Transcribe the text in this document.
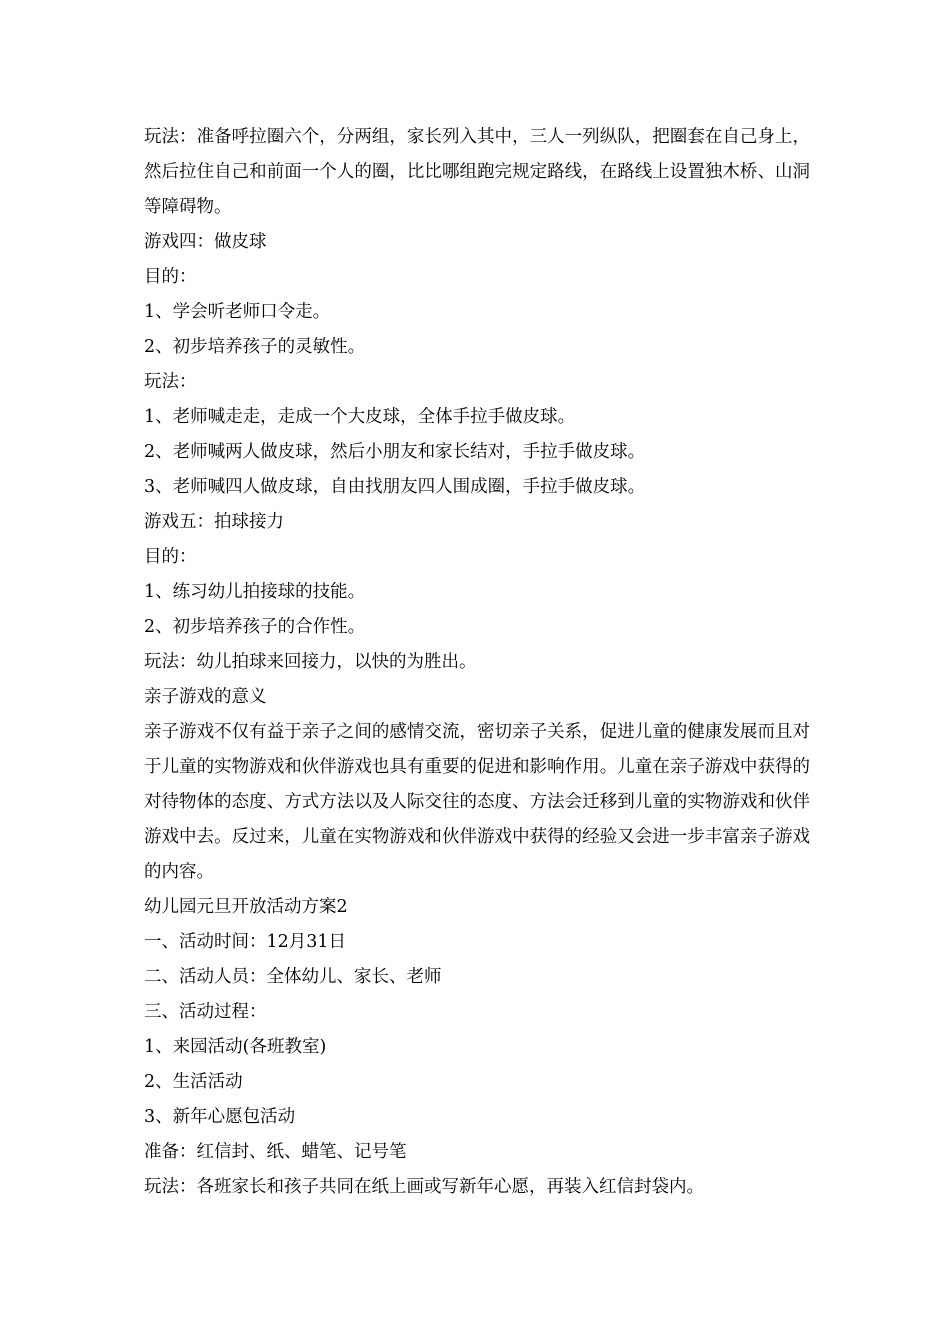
玩法：准备呼拉圈六个，分两组，家长列入其中，三人一列纵队，把圈套在自己身上，然后拉住自己和前面一个人的圈，比比哪组跑完规定路线，在路线上设置独木桥、山洞等障碍物。

游戏四：做皮球

目的：

1、学会听老师口令走。

2、初步培养孩子的灵敏性。

玩法：

1、老师喊走走，走成一个大皮球，全体手拉手做皮球。

2、老师喊两人做皮球，然后小朋友和家长结对，手拉手做皮球。

3、老师喊四人做皮球，自由找朋友四人围成圈，手拉手做皮球。

游戏五：拍球接力

目的：

1、练习幼儿拍接球的技能。

2、初步培养孩子的合作性。

玩法：幼儿拍球来回接力，以快的为胜出。

亲子游戏的意义

亲子游戏不仅有益于亲子之间的感情交流，密切亲子关系，促进儿童的健康发展而且对于儿童的实物游戏和伙伴游戏也具有重要的促进和影响作用。儿童在亲子游戏中获得的对待物体的态度、方式方法以及人际交往的态度、方法会迁移到儿童的实物游戏和伙伴游戏中去。反过来，儿童在实物游戏和伙伴游戏中获得的经验又会进一步丰富亲子游戏的内容。

幼儿园元旦开放活动方案2

一、活动时间：12月31日

二、活动人员：全体幼儿、家长、老师

三、活动过程：

1、来园活动(各班教室)

2、生活活动

3、新年心愿包活动

准备：红信封、纸、蜡笔、记号笔

玩法：各班家长和孩子共同在纸上画或写新年心愿，再装入红信封袋内。
